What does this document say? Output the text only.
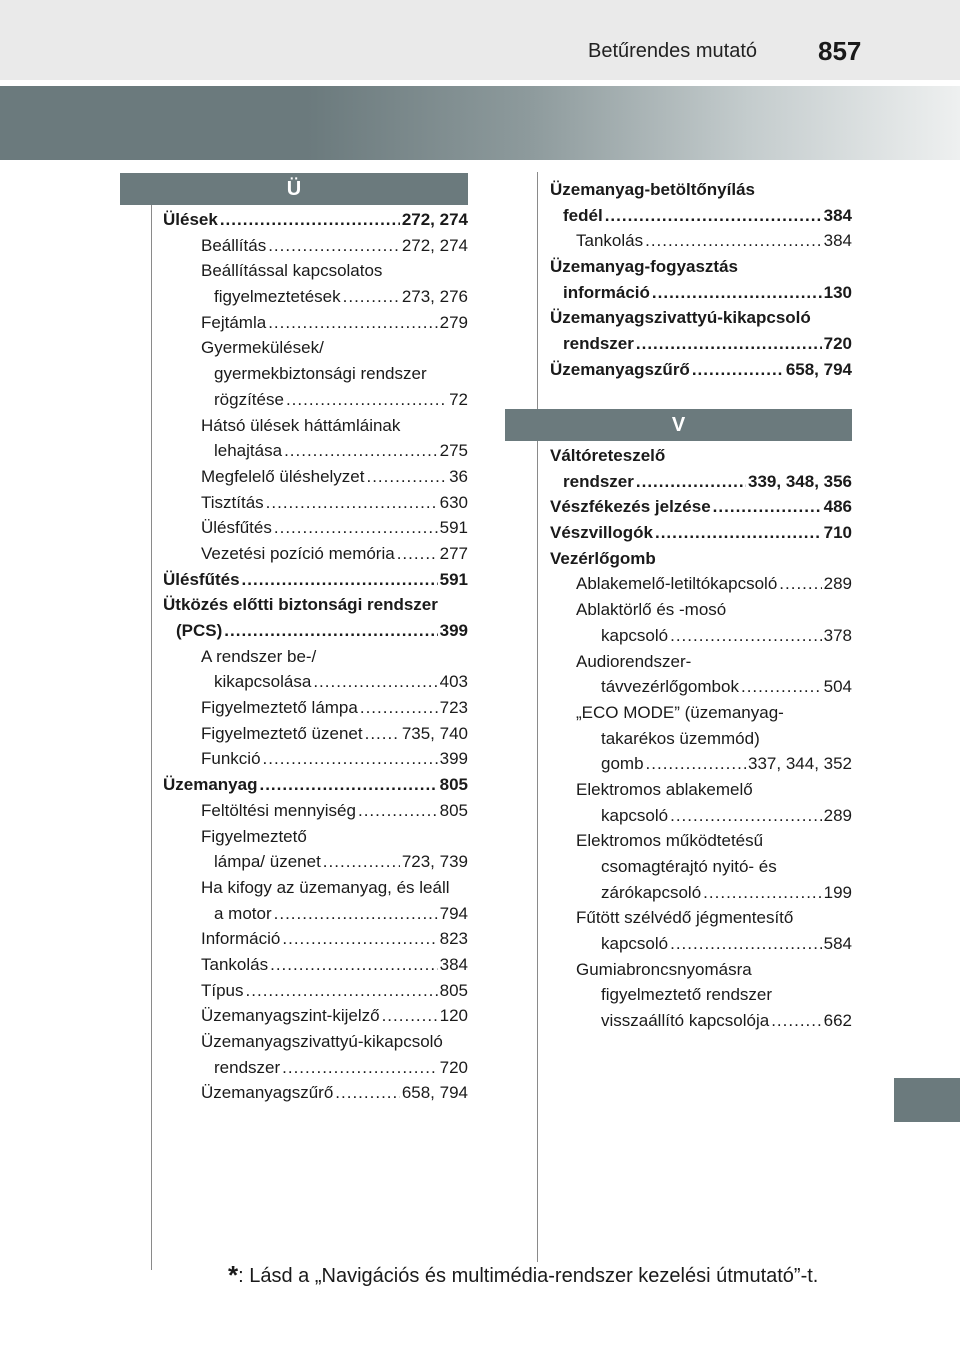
Betűrendes mutató 857
Ü
Ülések .....	272, 274
Beállítás .....	272, 274
Beállítással kapcsolatos
figyelmeztetések .....	273, 276
Fejtámla .....	279
Gyermekülések/
gyermekbiztonsági rendszer
rögzítése .....	72
Hátsó ülések háttámláinak
lehajtása .....	275
Megfelelő üléshelyzet .....	36
Tisztítás .....	630
Ülésfűtés .....	591
Vezetési pozíció memória .....	277
Ülésfűtés .....	591
Ütközés előtti biztonsági rendszer
(PCS) .....	399
A rendszer be-/
kikapcsolása .....	403
Figyelmeztető lámpa .....	723
Figyelmeztető üzenet ..... 735, 740
Funkció .....	399
Üzemanyag .....	805
Feltöltési mennyiség .....	805
Figyelmeztető
lámpa/ üzenet .....	723, 739
Ha kifogy az üzemanyag, és leáll
a motor .....	794
Információ .....	823
Tankolás .....	384
Típus .....	805
Üzemanyagszint-kijelző .....	120
Üzemanyagszivattyú-kikapcsoló
rendszer .....	720
Üzemanyagszűrő .....	658, 794
Üzemanyag-betöltőnyílás
fedél .....	384
Tankolás .....	384
Üzemanyag-fogyasztás
információ .....	130
Üzemanyagszivattyú-kikapcsoló
rendszer .....	720
Üzemanyagszűrő .....	658, 794
V
Váltóreteszelő
rendszer .....	339, 348, 356
Vészfékezés jelzése .....	486
Vészvillogók .....	710
Vezérlőgomb
Ablakemelő-letiltókapcsoló .....	289
Ablaktörlő és -mosó
kapcsoló .....	378
Audiorendszer-
távvezérlőgombok .....	504
„ECO MODE” (üzemanyag-
takarékos üzemmód)
gomb .....	337, 344, 352
Elektromos ablakemelő
kapcsoló .....	289
Elektromos működtetésű
csomagtérajtó nyitó- és
zárókapcsoló .....	199
Fűtött szélvédő jégmentesítő
kapcsoló .....	584
Gumiabroncsnyomásra
figyelmeztető rendszer
visszaállító kapcsolója .....	662
*: Lásd a „Navigációs és multimédia-rendszer kezelési útmutató”-t.
